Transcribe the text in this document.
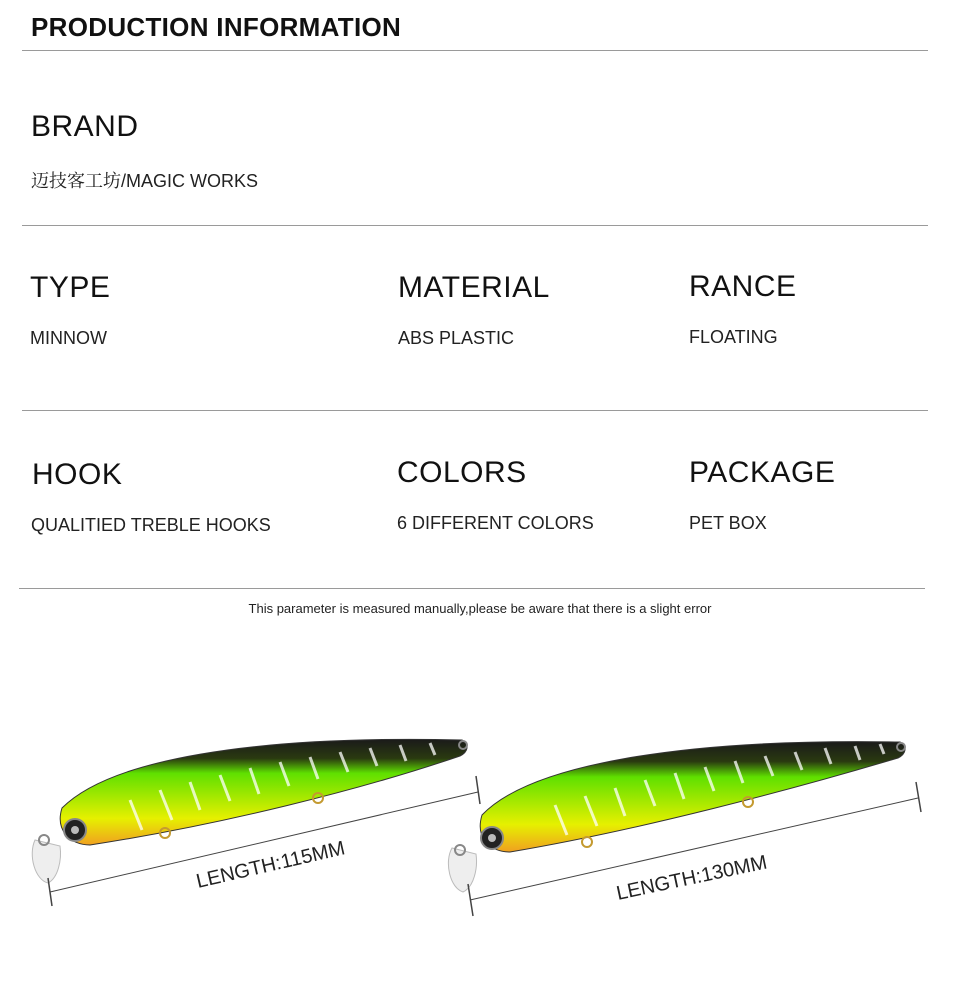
PRODUCTION INFORMATION
BRAND
迈技客工坊/MAGIC WORKS
TYPE
MINNOW
MATERIAL
ABS PLASTIC
RANCE
FLOATING
HOOK
QUALITIED TREBLE HOOKS
COLORS
6 DIFFERENT COLORS
PACKAGE
PET BOX
This parameter is measured manually,please be aware that there is a slight error
LENGTH:115MM	LENGTH:130MM
